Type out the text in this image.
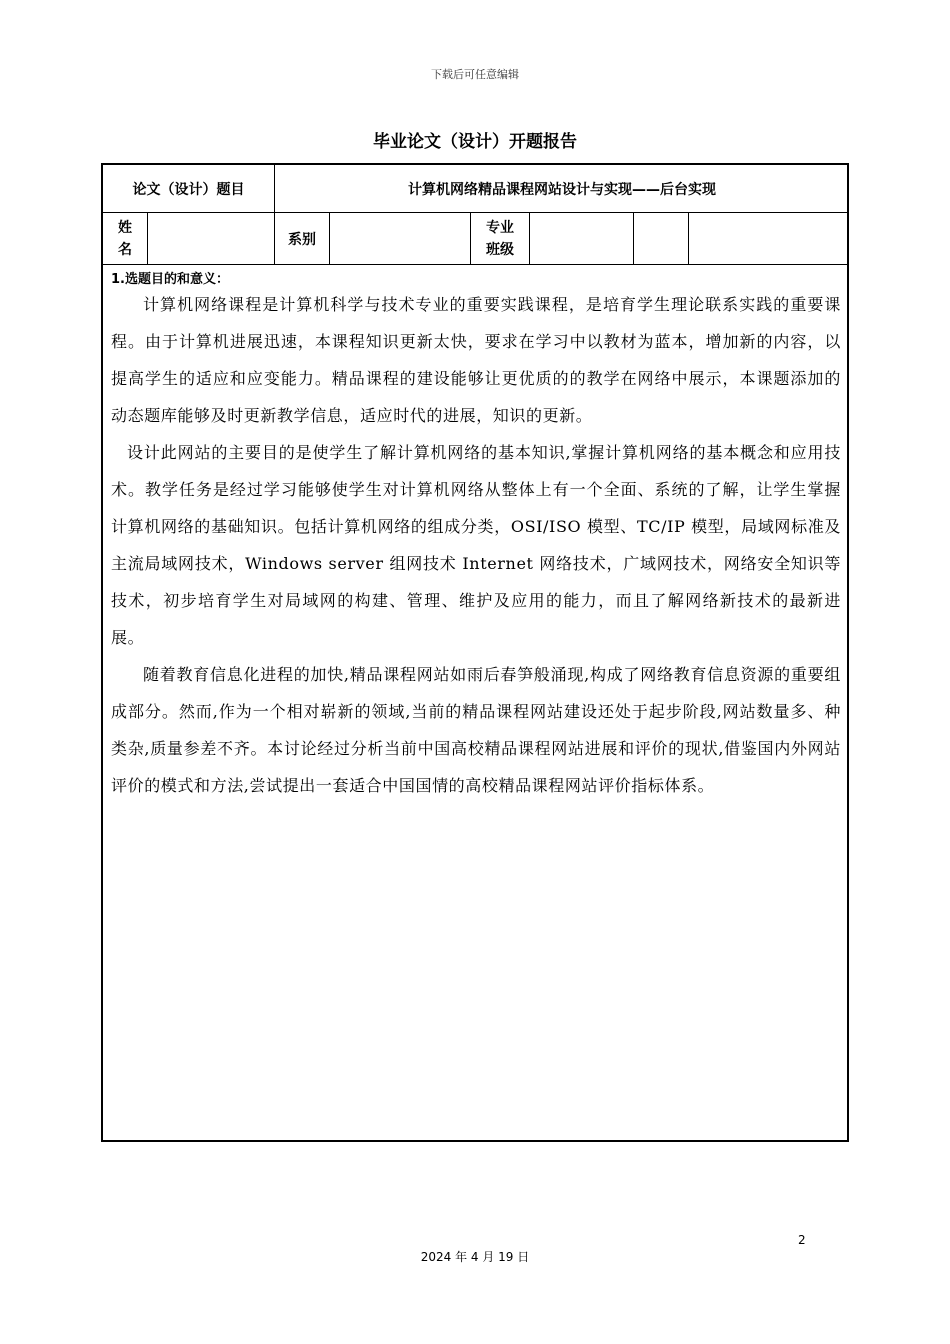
下载后可任意编辑
毕业论文（设计）开题报告
论文（设计）题目	计算机网络精品课程网站设计与实现——后台实现
姓名
系别
专业班级
1.选题目的和意义：

计算机网络课程是计算机科学与技术专业的重要实践课程，是培育学生理论联系实践的重要课程。由于计算机进展迅速，本课程知识更新太快，要求在学习中以教材为蓝本，增加新的内容，以提高学生的适应和应变能力。精品课程的建设能够让更优质的的教学在网络中展示，本课题添加的动态题库能够及时更新教学信息，适应时代的进展，知识的更新。

设计此网站的主要目的是使学生了解计算机网络的基本知识,掌握计算机网络的基本概念和应用技术。教学任务是经过学习能够使学生对计算机网络从整体上有一个全面、系统的了解，让学生掌握计算机网络的基础知识。包括计算机网络的组成分类，OSI/ISO 模型、TC/IP 模型，局域网标准及主流局域网技术，Windows server 组网技术 Internet 网络技术，广域网技术，网络安全知识等技术，初步培育学生对局域网的构建、管理、维护及应用的能力，而且了解网络新技术的最新进展。

随着教育信息化进程的加快,精品课程网站如雨后春笋般涌现,构成了网络教育信息资源的重要组成部分。然而,作为一个相对崭新的领域,当前的精品课程网站建设还处于起步阶段,网站数量多、种类杂,质量参差不齐。本讨论经过分析当前中国高校精品课程网站进展和评价的现状,借鉴国内外网站评价的模式和方法,尝试提出一套适合中国国情的高校精品课程网站评价指标体系。

2
2024 年 4 月 19 日
